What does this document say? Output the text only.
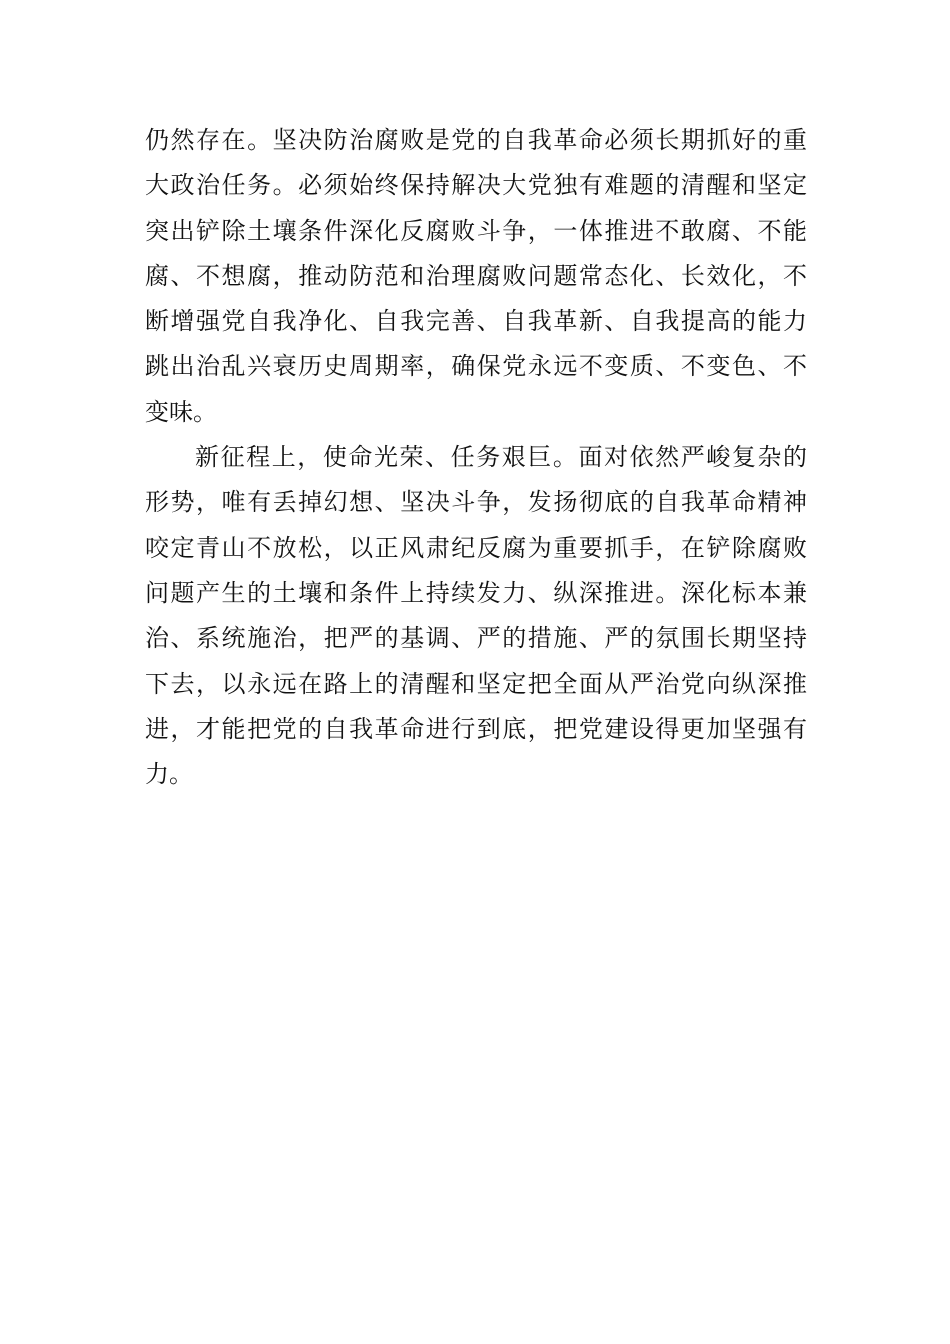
仍然存在。坚决防治腐败是党的自我革命必须长期抓好的重
大政治任务。必须始终保持解决大党独有难题的清醒和坚定
突出铲除土壤条件深化反腐败斗争，一体推进不敢腐、不能
腐、不想腐，推动防范和治理腐败问题常态化、长效化，不
断增强党自我净化、自我完善、自我革新、自我提高的能力
跳出治乱兴衰历史周期率，确保党永远不变质、不变色、不
变味。
新征程上，使命光荣、任务艰巨。面对依然严峻复杂的
形势，唯有丢掉幻想、坚决斗争，发扬彻底的自我革命精神
咬定青山不放松，以正风肃纪反腐为重要抓手，在铲除腐败
问题产生的土壤和条件上持续发力、纵深推进。深化标本兼
治、系统施治，把严的基调、严的措施、严的氛围长期坚持
下去，以永远在路上的清醒和坚定把全面从严治党向纵深推
进，才能把党的自我革命进行到底，把党建设得更加坚强有
力。
